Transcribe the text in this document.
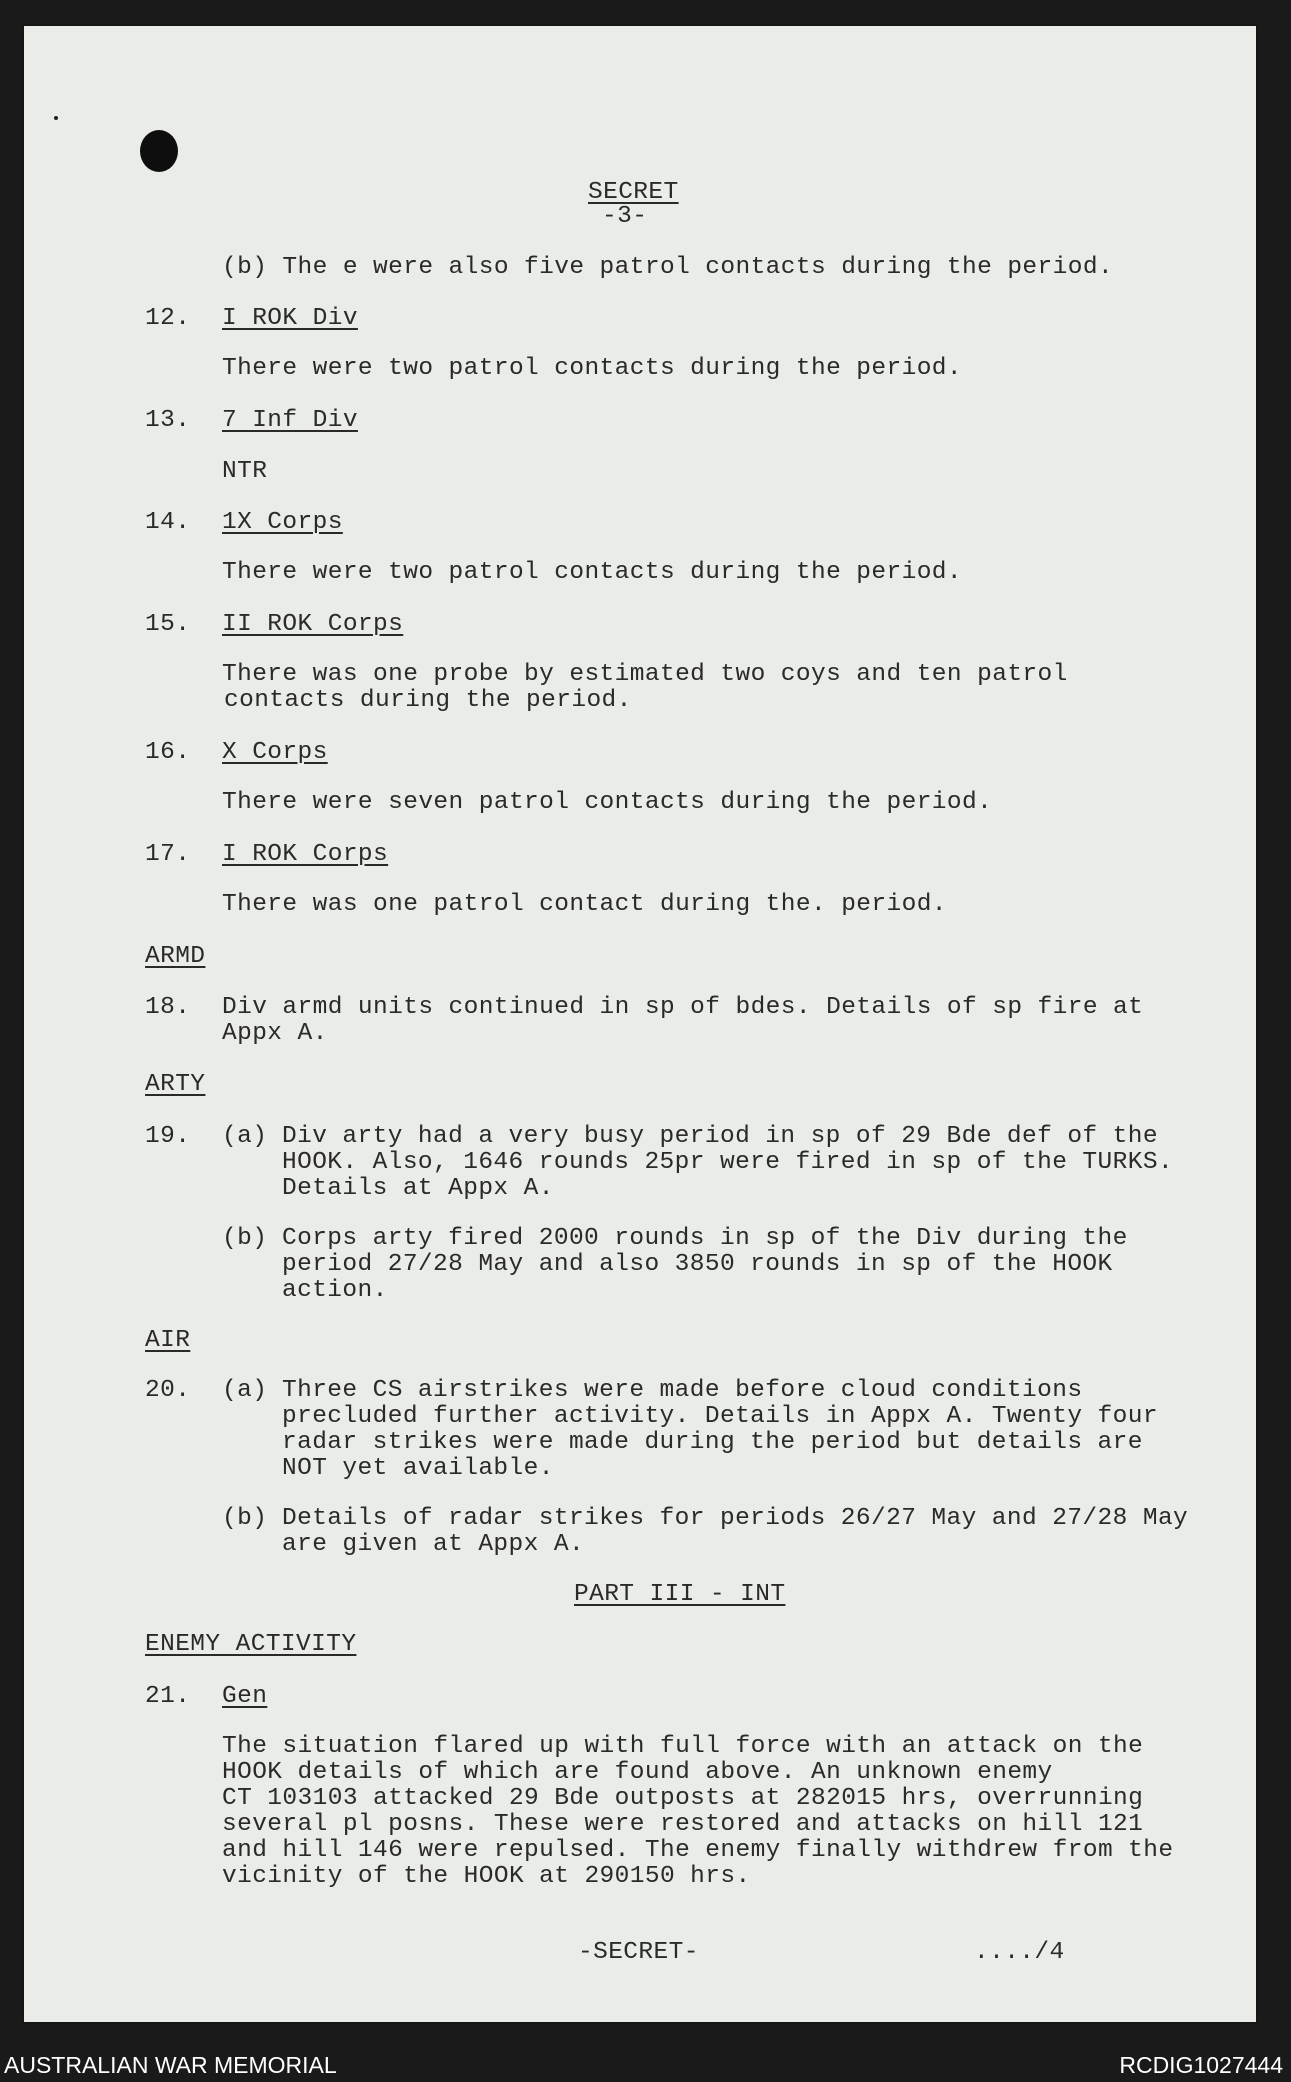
SECRET
-3-
(b) The e were also five patrol contacts during the period.
12. I ROK Div
There were two patrol contacts during the period.
13. 7 Inf Div
NTR
14. 1X Corps
There were two patrol contacts during the period.
15. II ROK Corps
There was one probe by estimated two coys and ten patrol
contacts during the period.
16. X Corps
There were seven patrol contacts during the period.
17. I ROK Corps
There was one patrol contact during the. period.
ARMD
18. Div armd units continued in sp of bdes. Details of sp fire at
Appx A.
ARTY
19. (a) Div arty had a very busy period in sp of 29 Bde def of the
HOOK. Also, 1646 rounds 25pr were fired in sp of the TURKS.
Details at Appx A.
(b) Corps arty fired 2000 rounds in sp of the Div during the
period 27/28 May and also 3850 rounds in sp of the HOOK
action.
AIR
20. (a) Three CS airstrikes were made before cloud conditions
precluded further activity. Details in Appx A. Twenty four
radar strikes were made during the period but details are
NOT yet available.
(b) Details of radar strikes for periods 26/27 May and 27/28 May
are given at Appx A.
PART III - INT
ENEMY ACTIVITY
21. Gen
The situation flared up with full force with an attack on the
HOOK details of which are found above. An unknown enemy
CT 103103 attacked 29 Bde outposts at 282015 hrs, overrunning
several pl posns. These were restored and attacks on hill 121
and hill 146 were repulsed. The enemy finally withdrew from the
vicinity of the HOOK at 290150 hrs.
-SECRET-	..../4
AUSTRALIAN WAR MEMORIAL	RCDIG1027444
